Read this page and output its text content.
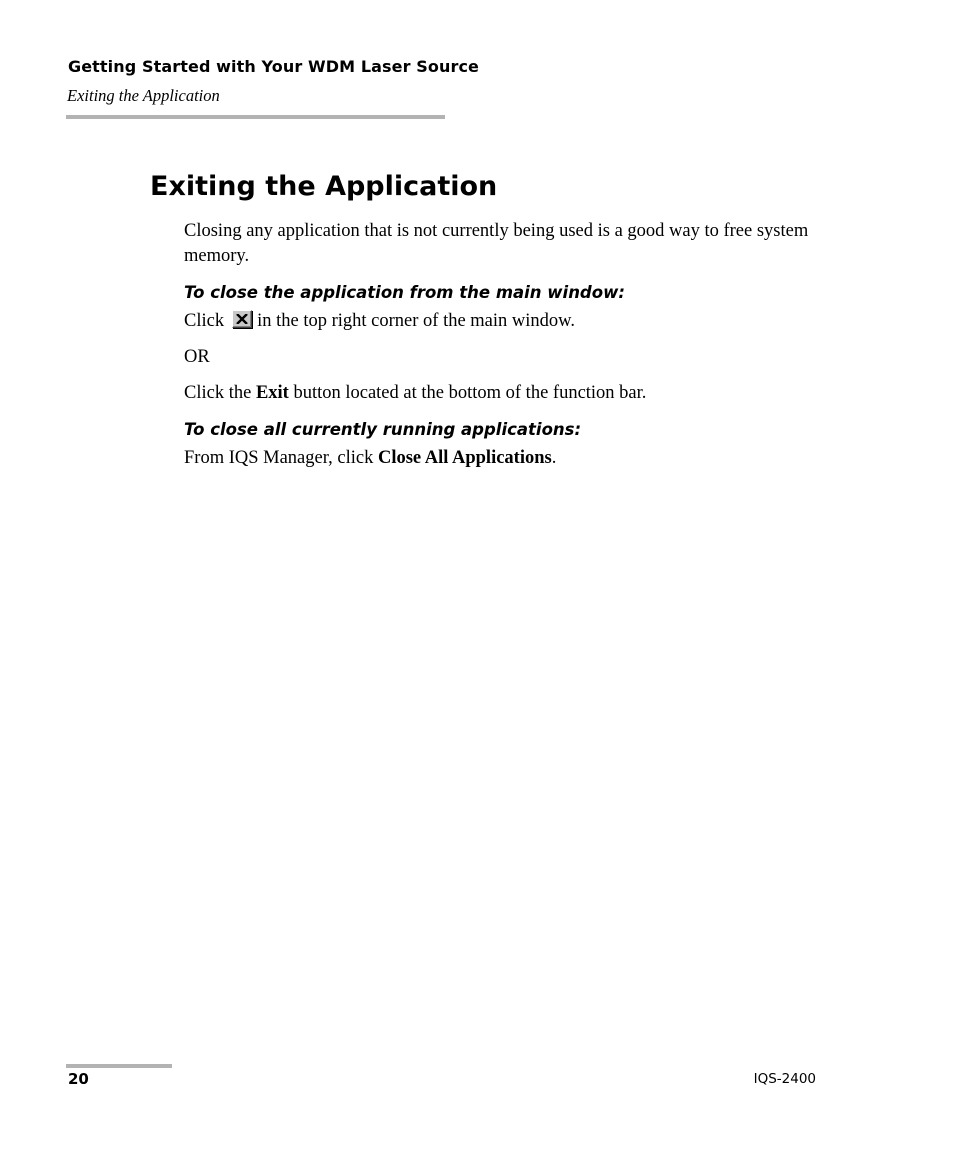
Getting Started with Your WDM Laser Source

Exiting the Application

Exiting the Application

Closing any application that is not currently being used is a good way to free system memory.

To close the application from the main window:

Click in the top right corner of the main window.

OR

Click the Exit button located at the bottom of the function bar.

To close all currently running applications:

From IQS Manager, click Close All Applications.

20	IQS-2400
